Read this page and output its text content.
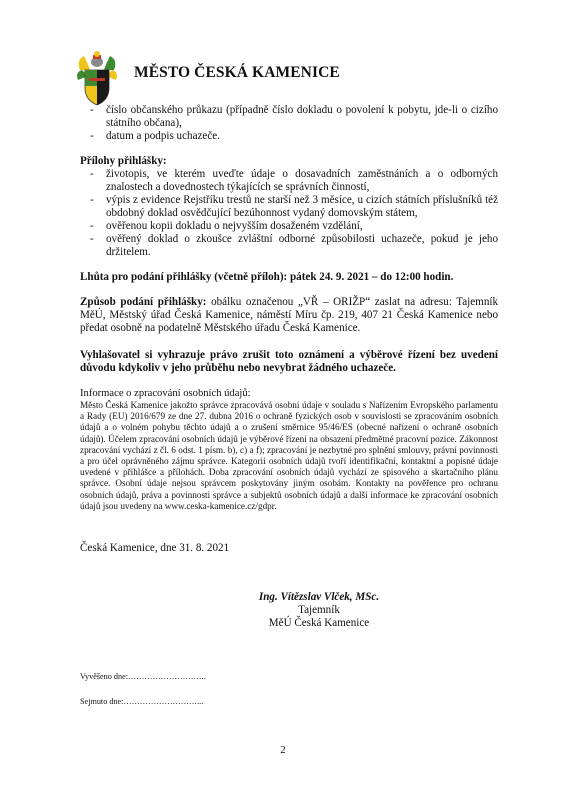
MĚSTO ČESKÁ KAMENICE
- číslo občanského průkazu (případně číslo dokladu o povolení k pobytu, jde-li o cizího státního občana),
- datum a podpis uchazeče.
Přílohy přihlášky:
- životopis, ve kterém uveďte údaje o dosavadních zaměstnáních a o odborných znalostech a dovednostech týkajících se správních činností,
- výpis z evidence Rejstříku trestů ne starší než 3 měsíce, u cizích státních příslušníků též obdobný doklad osvědčující bezúhonnost vydaný domovským státem,
- ověřenou kopii dokladu o nejvyšším dosaženém vzdělání,
- ověřený doklad o zkoušce zvláštní odborné způsobilosti uchazeče, pokud je jeho držitelem.
Lhůta pro podání přihlášky (včetně příloh): pátek 24. 9. 2021 – do 12:00 hodin.
Způsob podání přihlášky: obálku označenou „VŘ – ORIŽP“ zaslat na adresu: Tajemník MěÚ, Městský úřad Česká Kamenice, náměstí Míru čp. 219, 407 21 Česká Kamenice nebo předat osobně na podatelně Městského úřadu Česká Kamenice.
Vyhlašovatel si vyhrazuje právo zrušit toto oznámení a výběrové řízení bez uvedení důvodu kdykoliv v jeho průběhu nebo nevybrat žádného uchazeče.
Informace o zpracování osobních údajů:
Město Česká Kamenice jakožto správce zpracovává osobní údaje v souladu s Nařízením Evropského parlamentu a Rady (EU) 2016/679 ze dne 27. dubna 2016 o ochraně fyzických osob v souvislosti se zpracováním osobních údajů a o volném pohybu těchto údajů a o zrušení směrnice 95/46/ES (obecné nařízení o ochraně osobních údajů). Účelem zpracování osobních údajů je výběrové řízení na obsazení předmětné pracovní pozice. Zákonnost zpracování vychází z čl. 6 odst. 1 písm. b), c) a f); zpracování je nezbytné pro splnění smlouvy, právní povinnosti a pro účel oprávněného zájmu správce. Kategorii osobních údajů tvoří identifikační, kontaktní a popisné údaje uvedené v přihlášce a přílohách. Doba zpracování osobních údajů vychází ze spisového a skartačního plánu správce. Osobní údaje nejsou správcem poskytovány jiným osobám. Kontakty na pověřence pro ochranu osobních údajů, práva a povinnosti správce a subjektů osobních údajů a další informace ke zpracování osobních údajů jsou uvedeny na www.ceska-kamenice.cz/gdpr.
Česká Kamenice, dne 31. 8. 2021
Ing. Vítězslav Vlček, MSc.
Tajemník
MěÚ Česká Kamenice
Vyvěšeno dne:………………………..
Sejmuto dne:………………………...
2
